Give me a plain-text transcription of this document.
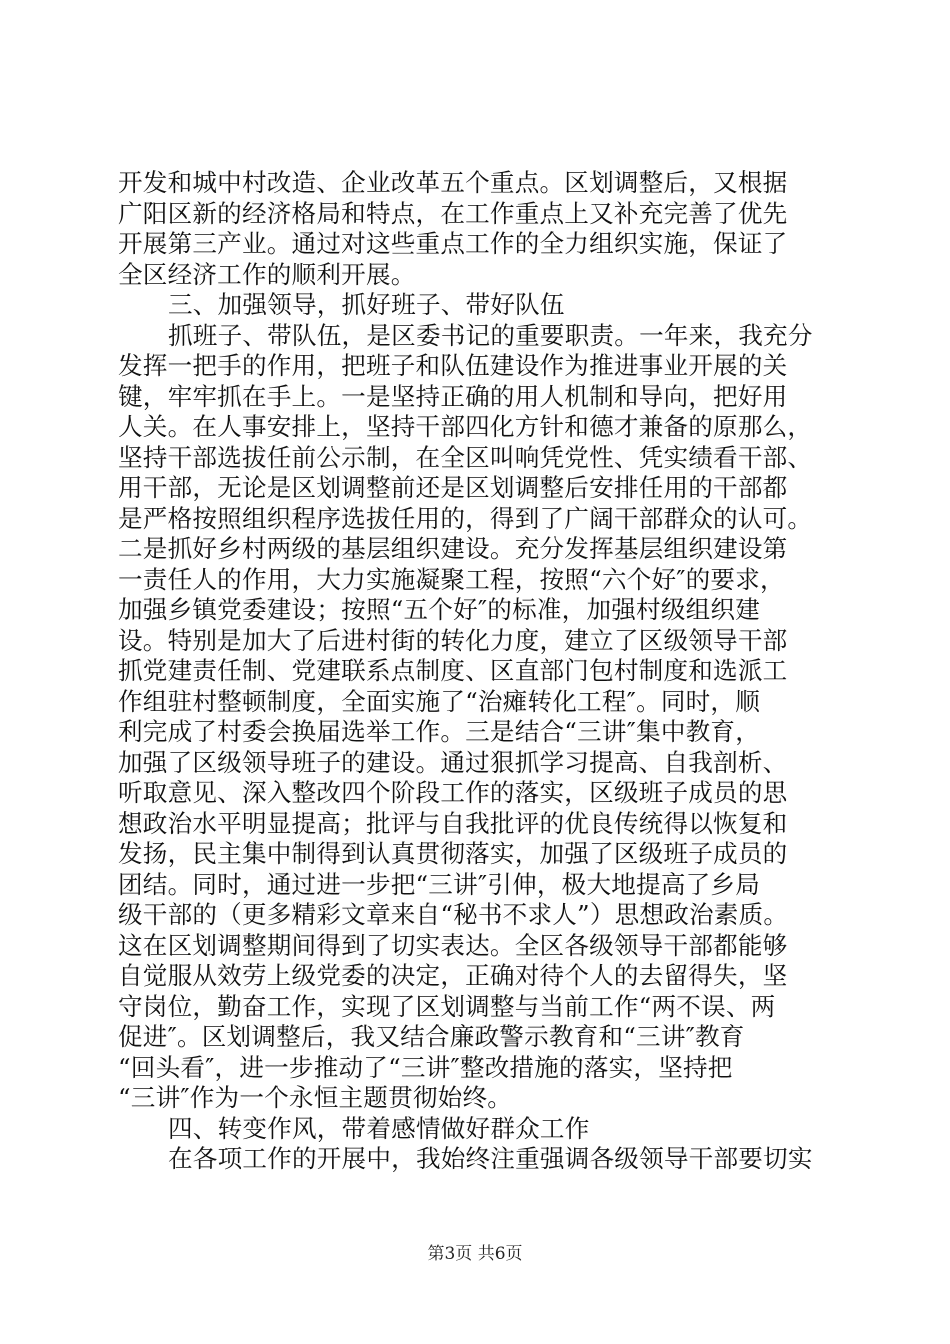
开发和城中村改造、企业改革五个重点。区划调整后，又根据
广阳区新的经济格局和特点，在工作重点上又补充完善了优先
开展第三产业。通过对这些重点工作的全力组织实施，保证了
全区经济工作的顺利开展。
三、加强领导，抓好班子、带好队伍
抓班子、带队伍，是区委书记的重要职责。一年来，我充分
发挥一把手的作用，把班子和队伍建设作为推进事业开展的关
键，牢牢抓在手上。一是坚持正确的用人机制和导向，把好用
人关。在人事安排上，坚持干部四化方针和德才兼备的原那么，
坚持干部选拔任前公示制，在全区叫响凭党性、凭实绩看干部、
用干部，无论是区划调整前还是区划调整后安排任用的干部都
是严格按照组织程序选拔任用的，得到了广阔干部群众的认可。
二是抓好乡村两级的基层组织建设。充分发挥基层组织建设第
一责任人的作用，大力实施凝聚工程，按照“六个好″的要求，
加强乡镇党委建设；按照“五个好″的标准，加强村级组织建
设。特别是加大了后进村街的转化力度，建立了区级领导干部
抓党建责任制、党建联系点制度、区直部门包村制度和选派工
作组驻村整顿制度，全面实施了“治瘫转化工程″。同时，顺
利完成了村委会换届选举工作。三是结合“三讲″集中教育，
加强了区级领导班子的建设。通过狠抓学习提高、自我剖析、
听取意见、深入整改四个阶段工作的落实，区级班子成员的思
想政治水平明显提高；批评与自我批评的优良传统得以恢复和
发扬，民主集中制得到认真贯彻落实，加强了区级班子成员的
团结。同时，通过进一步把“三讲″引伸，极大地提高了乡局
级干部的（更多精彩文章来自“秘书不求人”）思想政治素质。
这在区划调整期间得到了切实表达。全区各级领导干部都能够
自觉服从效劳上级党委的决定，正确对待个人的去留得失，坚
守岗位，勤奋工作，实现了区划调整与当前工作“两不误、两
促进″。区划调整后，我又结合廉政警示教育和“三讲″教育
“回头看″，进一步推动了“三讲″整改措施的落实，坚持把
“三讲″作为一个永恒主题贯彻始终。
四、转变作风，带着感情做好群众工作
在各项工作的开展中，我始终注重强调各级领导干部要切实
第3页 共6页
